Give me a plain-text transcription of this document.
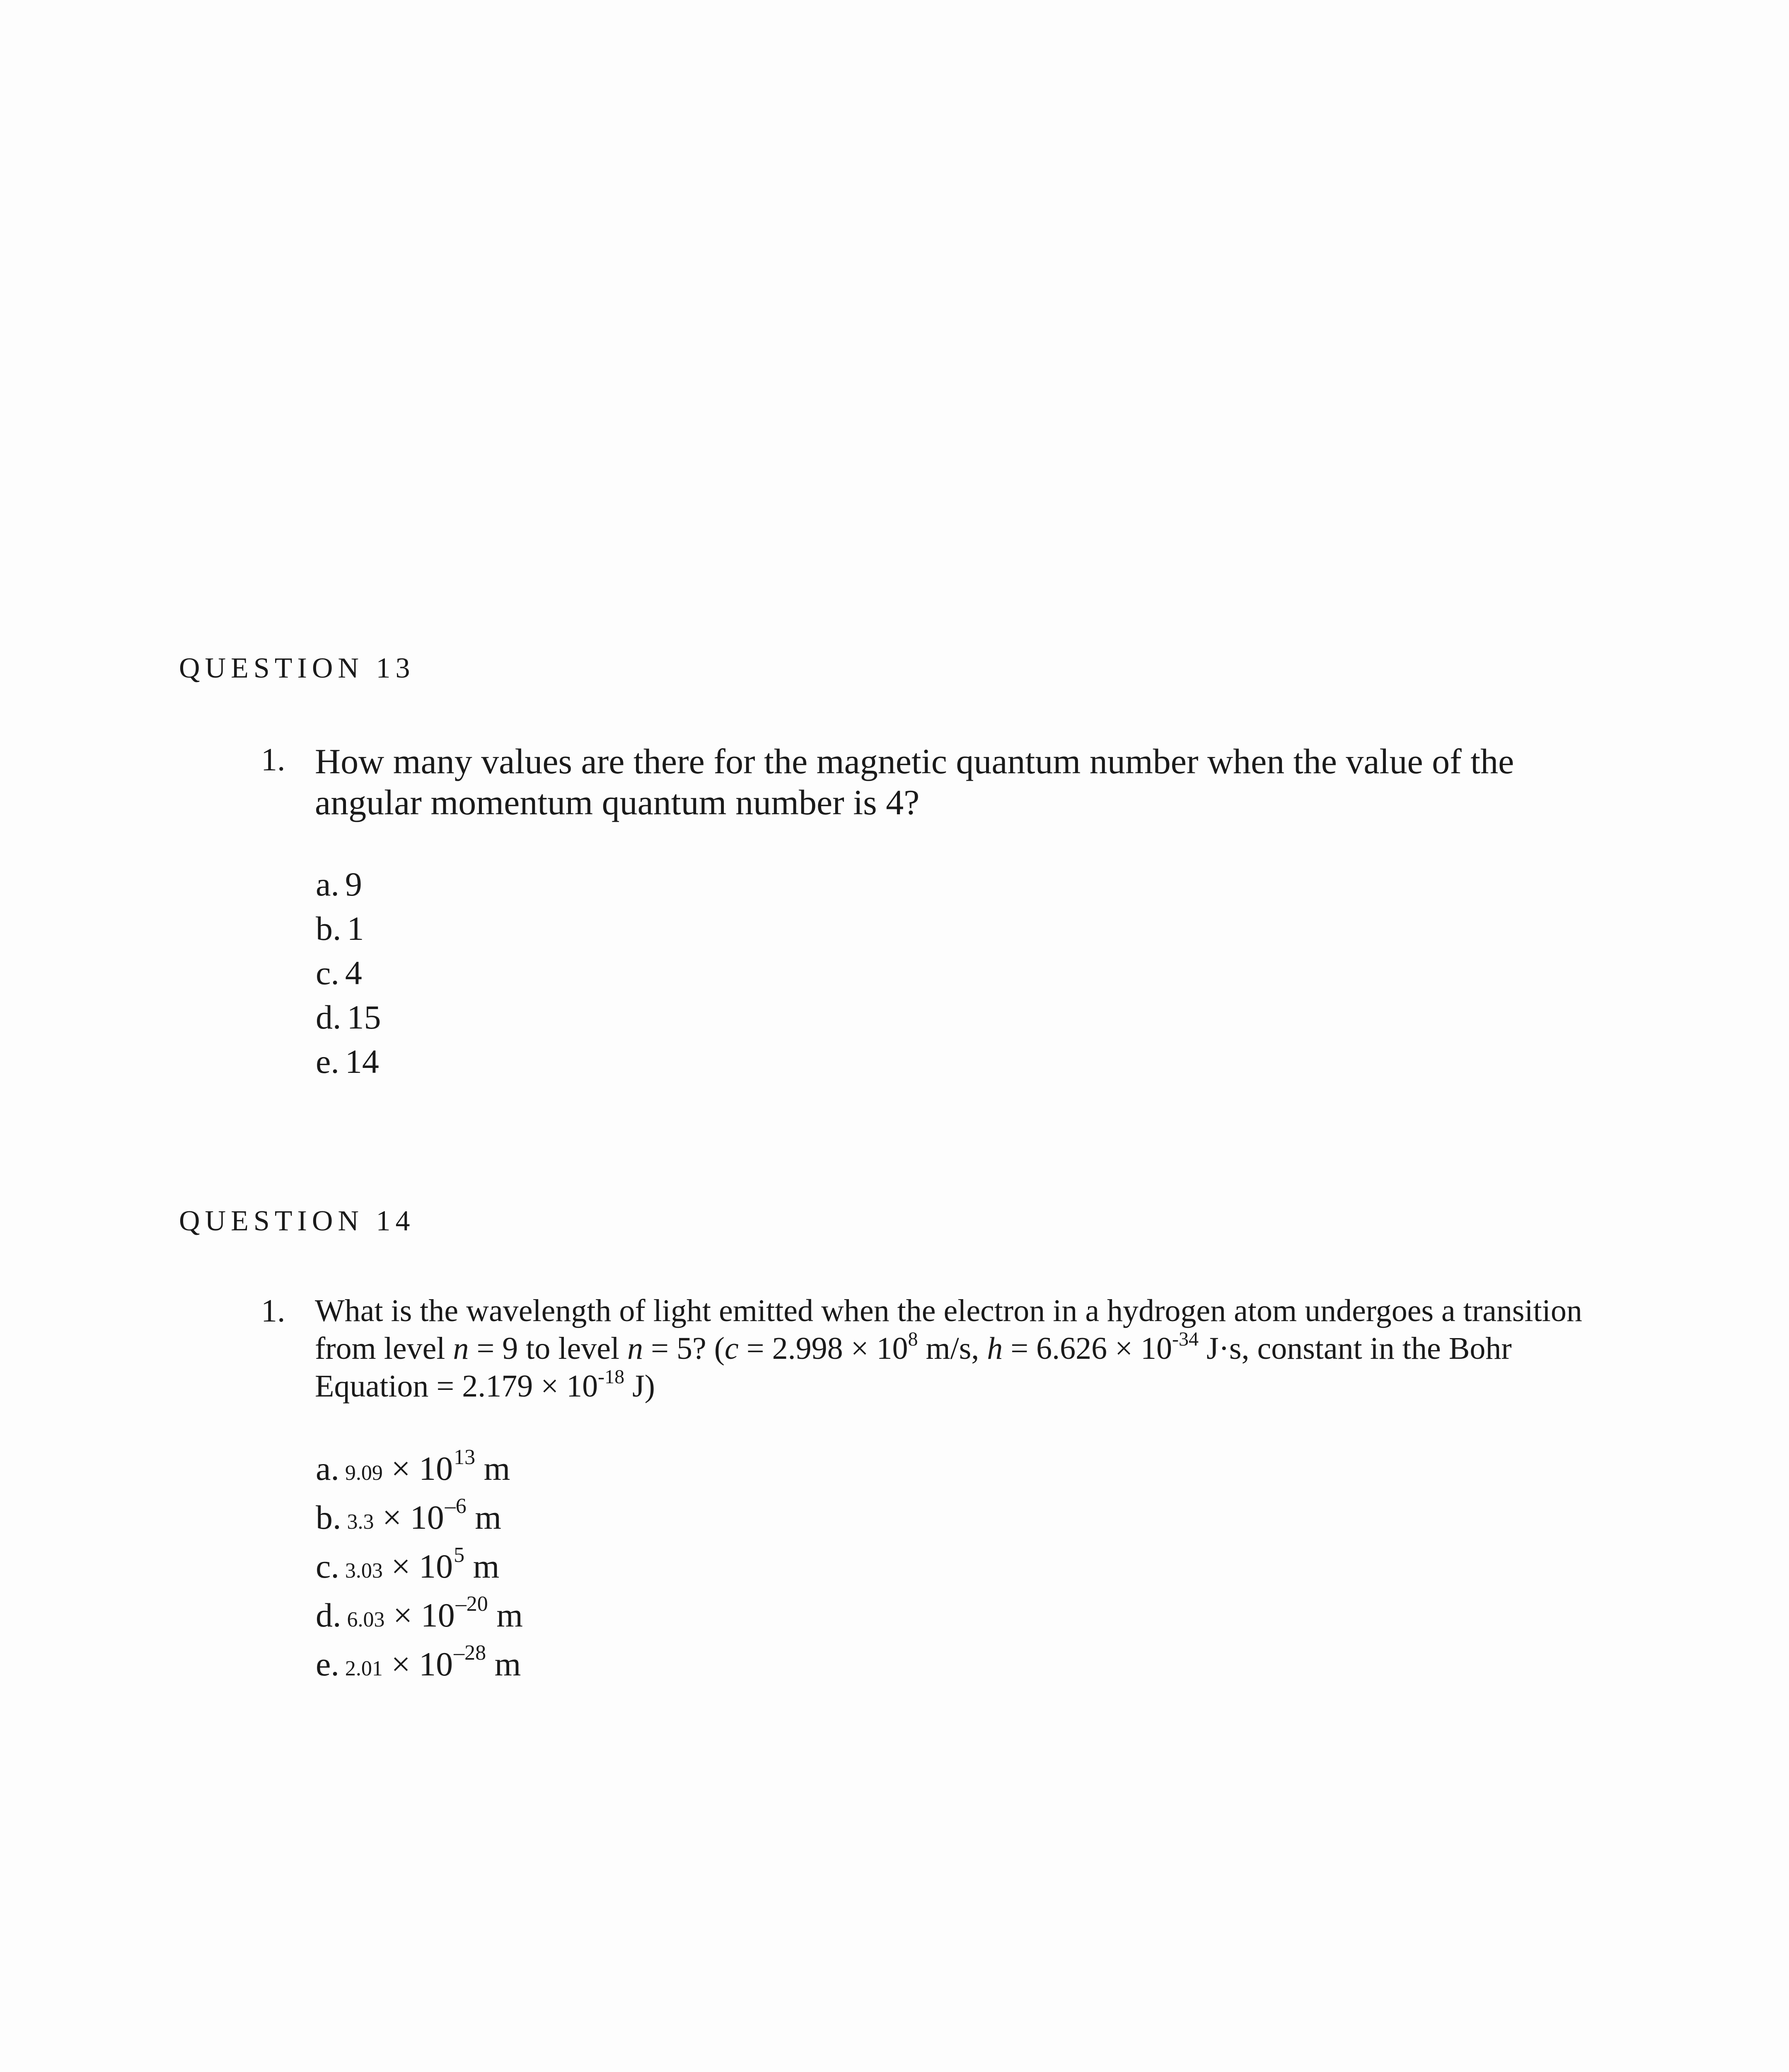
QUESTION 13
1. How many values are there for the magnetic quantum number when the value of the angular momentum quantum number is 4?

a. 9
b. 1
c. 4
d. 15
e. 14
QUESTION 14
1. What is the wavelength of light emitted when the electron in a hydrogen atom undergoes a transition from level n = 9 to level n = 5? ($c = 2.998 \times 10^8$ m/s, $h = 6.626 \times 10^{-34}$ J·s, constant in the Bohr Equation = $2.179 \times 10^{-18}$ J)

a. $9.09 \times 10^{13}$ m
b. $3.3 \times 10^{-6}$ m
c. $3.03 \times 10^5$ m
d. $6.03 \times 10^{-20}$ m
e. $2.01 \times 10^{-28}$ m
